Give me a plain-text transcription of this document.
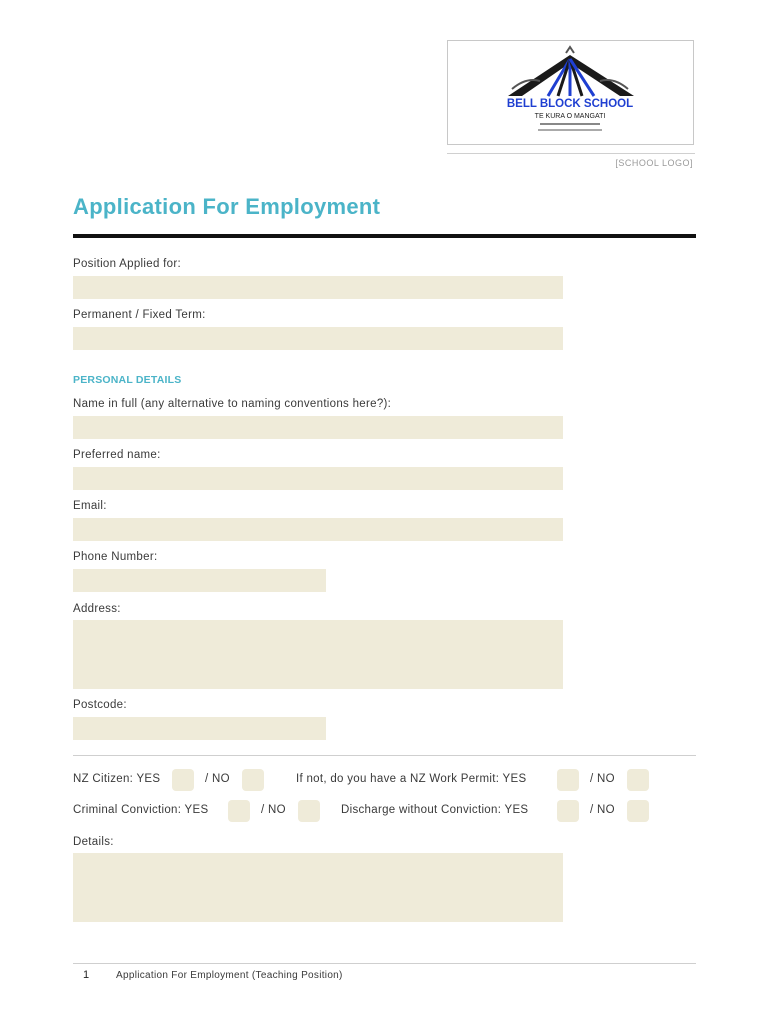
BELL BLOCK SCHOOL
TE KURA O MANGATI
[SCHOOL LOGO]
Application For Employment
Position Applied for:
Permanent / Fixed Term:
PERSONAL DETAILS
Name in full (any alternative to naming conventions here?):
Preferred name:
Email:
Phone Number:
Address:
Postcode:
NZ Citizen: YES	/ NO	If not, do you have a NZ Work Permit: YES	/ NO
Criminal Conviction: YES	/ NO	Discharge without Conviction: YES	/ NO
Details:
1	Application For Employment (Teaching Position)
